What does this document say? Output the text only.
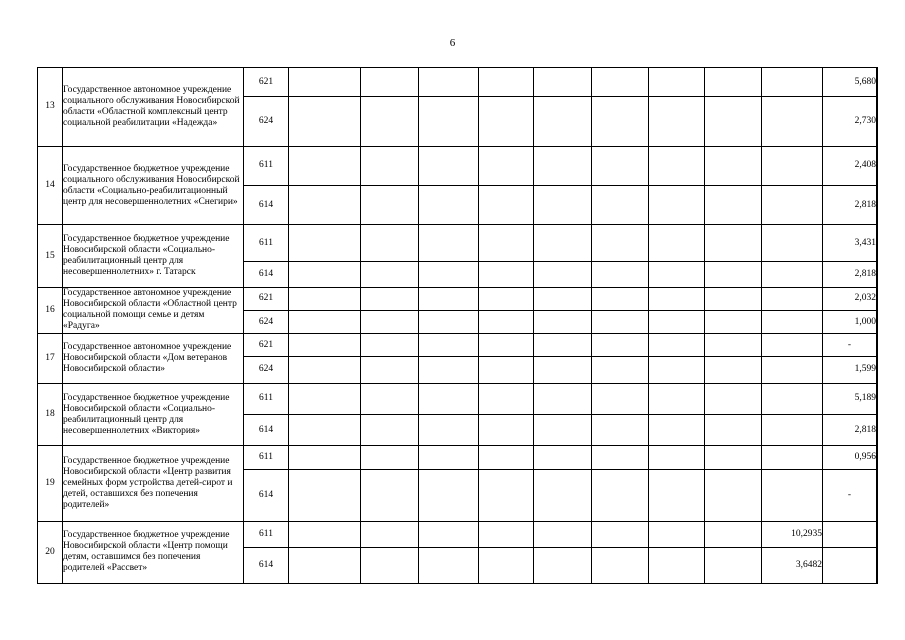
6
13	Государственное автономное учреждение социального обслуживания Новосибирской области «Областной комплексный центр социальной реабилитации «Надежда»	621										5,680	
		624										2,730	
14	Государственное бюджетное учреждение социального обслуживания Новосибирской области «Социально-реабилитационный центр для несовершеннолетних «Снегири»	611										2,408	
		614										2,818	
15	Государственное бюджетное учреждение Новосибирской области «Социально-реабилитационный центр для несовершеннолетних» г. Татарск	611										3,431	
		614										2,818	
16	Государственное автономное учреждение Новосибирской области «Областной центр социальной помощи семье и детям «Радуга»	621										2,032	
		624										1,000	
17	Государственное автономное учреждение Новосибирской области «Дом ветеранов Новосибирской области»	621										-	
		624										1,599	
18	Государственное бюджетное учреждение Новосибирской области «Социально-реабилитационный центр для несовершеннолетних «Виктория»	611										5,189	
		614										2,818	
19	Государственное бюджетное учреждение Новосибирской области «Центр развития семейных форм устройства детей-сирот и детей, оставшихся без попечения родителей»	611										0,956	
		614										-	
20	Государственное бюджетное учреждение Новосибирской области «Центр помощи детям, оставшимся без попечения родителей «Рассвет»	611									10,2935		
		614									3,6482		
